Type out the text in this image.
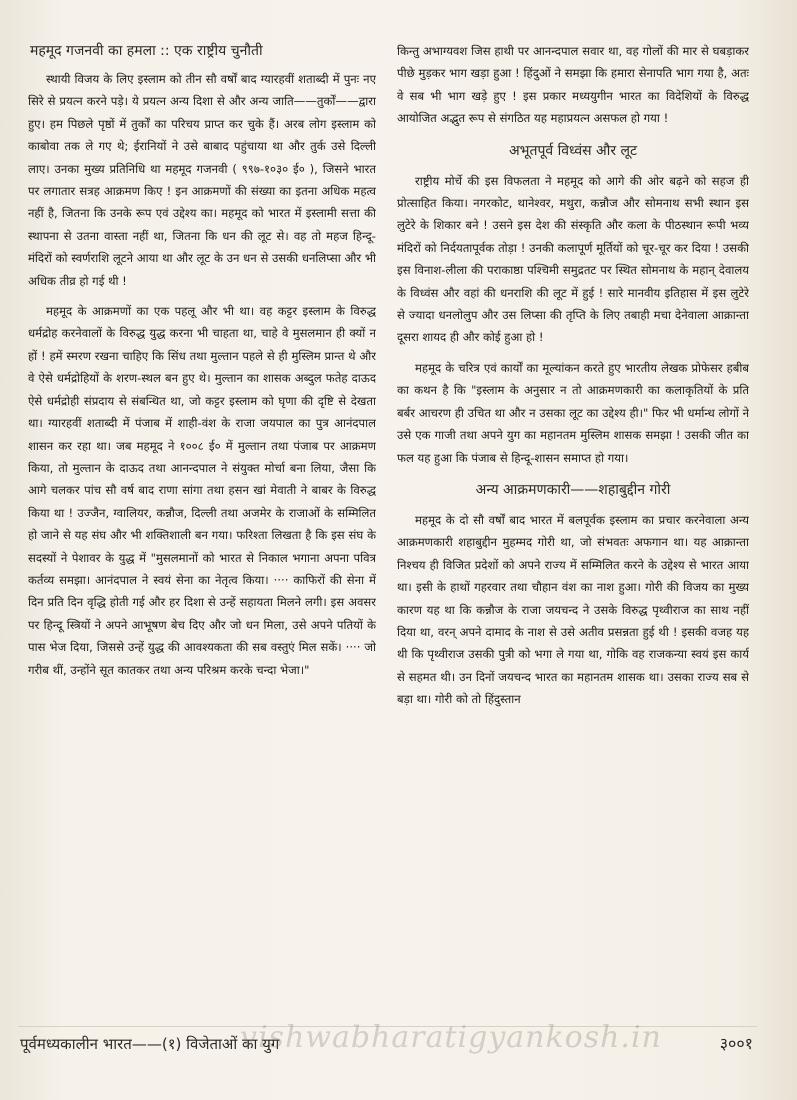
महमूद गजनवी का हमला :: एक राष्ट्रीय चुनौती

स्थायी विजय के लिए इस्लाम को तीन सौ वर्षों बाद ग्यारहवीं शताब्दी में पुनः नए सिरे से प्रयत्न करने पड़े। ये प्रयत्न अन्य दिशा से और अन्य जाति——तुर्कों——द्वारा हुए। हम पिछले पृष्ठों में तुर्कों का परिचय प्राप्त कर चुके हैं। अरब लोग इस्लाम को काबोवा तक ले गए थे; ईरानियों ने उसे बाबाद पहुंचाया था और तुर्क उसे दिल्ली लाए। उनका मुख्य प्रतिनिधि था महमूद गजनवी ( ९९७-१०३० ई० ), जिसने भारत पर लगातार सत्रह आक्रमण किए ! इन आक्रमणों की संख्या का इतना अधिक महत्व नहीं है, जितना कि उनके रूप एवं उद्देश्य का। महमूद को भारत में इस्लामी सत्ता की स्थापना से उतना वास्ता नहीं था, जितना कि धन की लूट से। वह तो महज हिन्दू-मंदिरों को स्वर्णराशि लूटने आया था और लूट के उन धन से उसकी धनलिप्सा और भी अधिक तीव्र हो गई थी !

महमूद के आक्रमणों का एक पहलू और भी था। वह कट्टर इस्लाम के विरुद्ध धर्मद्रोह करनेवालों के विरुद्ध युद्ध करना भी चाहता था, चाहे वे मुसलमान ही क्यों न हों ! हमें स्मरण रखना चाहिए कि सिंध तथा मुल्तान पहले से ही मुस्लिम प्रान्त थे और वे ऐसे धर्मद्रोहियों के शरण-स्थल बन हुए थे। मुल्तान का शासक अब्दुल फतेह दाऊद ऐसे धर्मद्रोही संप्रदाय से संबन्धित था, जो कट्टर इस्लाम को घृणा की दृष्टि से देखता था। ग्यारहवीं शताब्दी में पंजाब में शाही-वंश के राजा जयपाल का पुत्र आनंदपाल शासन कर रहा था। जब महमूद ने १००८ ई० में मुल्तान तथा पंजाब पर आक्रमण किया, तो मुल्तान के दाऊद तथा आनन्दपाल ने संयुक्त मोर्चा बना लिया, जैसा कि आगे चलकर पांच सौ वर्ष बाद राणा सांगा तथा हसन खां मेवाती ने बाबर के विरुद्ध किया था ! उज्जैन, ग्वालियर, कन्नौज, दिल्ली तथा अजमेर के राजाओं के सम्मिलित हो जाने से यह संघ और भी शक्तिशाली बन गया। फरिश्ता लिखता है कि इस संघ के सदस्यों ने पेशावर के युद्ध में "मुसलमानों को भारत से निकाल भगाना अपना पवित्र कर्तव्य समझा। आनंदपाल ने स्वयं सेना का नेतृत्व किया। ···· काफिरों की सेना में दिन प्रति दिन वृद्धि होती गई और हर दिशा से उन्हें सहायता मिलने लगी। इस अवसर पर हिन्दू स्त्रियों ने अपने आभूषण बेच दिए और जो धन मिला, उसे अपने पतियों के पास भेज दिया, जिससे उन्हें युद्ध की आवश्यकता की सब वस्तुएं मिल सकें। ···· जो गरीब थीं, उन्होंने सूत कातकर तथा अन्य परिश्रम करके चन्दा भेजा।"

किन्तु अभाग्यवश जिस हाथी पर आनन्दपाल सवार था, वह गोलों की मार से घबड़ाकर पीछे मुड़कर भाग खड़ा हुआ ! हिंदुओं ने समझा कि हमारा सेनापति भाग गया है, अतः वे सब भी भाग खड़े हुए ! इस प्रकार मध्ययुगीन भारत का विदेशियों के विरुद्ध आयोजित अद्भुत रूप से संगठित यह महाप्रयत्न असफल हो गया !

अभूतपूर्व विध्वंस और लूट

राष्ट्रीय मोर्चे की इस विफलता ने महमूद को आगे की ओर बढ़ने को सहज ही प्रोत्साहित किया। नगरकोट, थानेश्वर, मथुरा, कन्नौज और सोमनाथ सभी स्थान इस लुटेरे के शिकार बने ! उसने इस देश की संस्कृति और कला के पीठस्थान रूपी भव्य मंदिरों को निर्दयतापूर्वक तोड़ा ! उनकी कलापूर्ण मूर्तियों को चूर-चूर कर दिया ! उसकी इस विनाश-लीला की पराकाष्ठा पश्चिमी समुद्रतट पर स्थित सोमनाथ के महान् देवालय के विध्वंस और वहां की धनराशि की लूट में हुई ! सारे मानवीय इतिहास में इस लुटेरे से ज्यादा धनलोलुप और उस लिप्सा की तृप्ति के लिए तबाही मचा देनेवाला आक्रान्ता दूसरा शायद ही और कोई हुआ हो !

महमूद के चरित्र एवं कार्यों का मूल्यांकन करते हुए भारतीय लेखक प्रोफेसर हबीब का कथन है कि "इस्लाम के अनुसार न तो आक्रमणकारी का कलाकृतियों के प्रति बर्बर आचरण ही उचित था और न उसका लूट का उद्देश्य ही।" फिर भी धर्मान्ध लोगों ने उसे एक गाजी तथा अपने युग का महानतम मुस्लिम शासक समझा ! उसकी जीत का फल यह हुआ कि पंजाब से हिन्दू-शासन समाप्त हो गया।

अन्य आक्रमणकारी——शहाबुद्दीन गोरी

महमूद के दो सौ वर्षों बाद भारत में बलपूर्वक इस्लाम का प्रचार करनेवाला अन्य आक्रमणकारी शहाबुद्दीन मुहम्मद गोरी था, जो संभवतः अफगान था। यह आक्रान्ता निश्चय ही विजित प्रदेशों को अपने राज्य में सम्मिलित करने के उद्देश्य से भारत आया था। इसी के हाथों गहरवार तथा चौहान वंश का नाश हुआ। गोरी की विजय का मुख्य कारण यह था कि कन्नौज के राजा जयचन्द ने उसके विरुद्ध पृथ्वीराज का साथ नहीं दिया था, वरन् अपने दामाद के नाश से उसे अतीव प्रसन्नता हुई थी ! इसकी वजह यह थी कि पृथ्वीराज उसकी पुत्री को भगा ले गया था, गोकि वह राजकन्या स्वयं इस कार्य से सहमत थी। उन दिनों जयचन्द भारत का महानतम शासक था। उसका राज्य सब से बड़ा था। गोरी को तो हिंदुस्तान

पूर्वमध्यकालीन भारत——(१) विजेताओं का युग
vishwabharatigyankosh.in	३००१
